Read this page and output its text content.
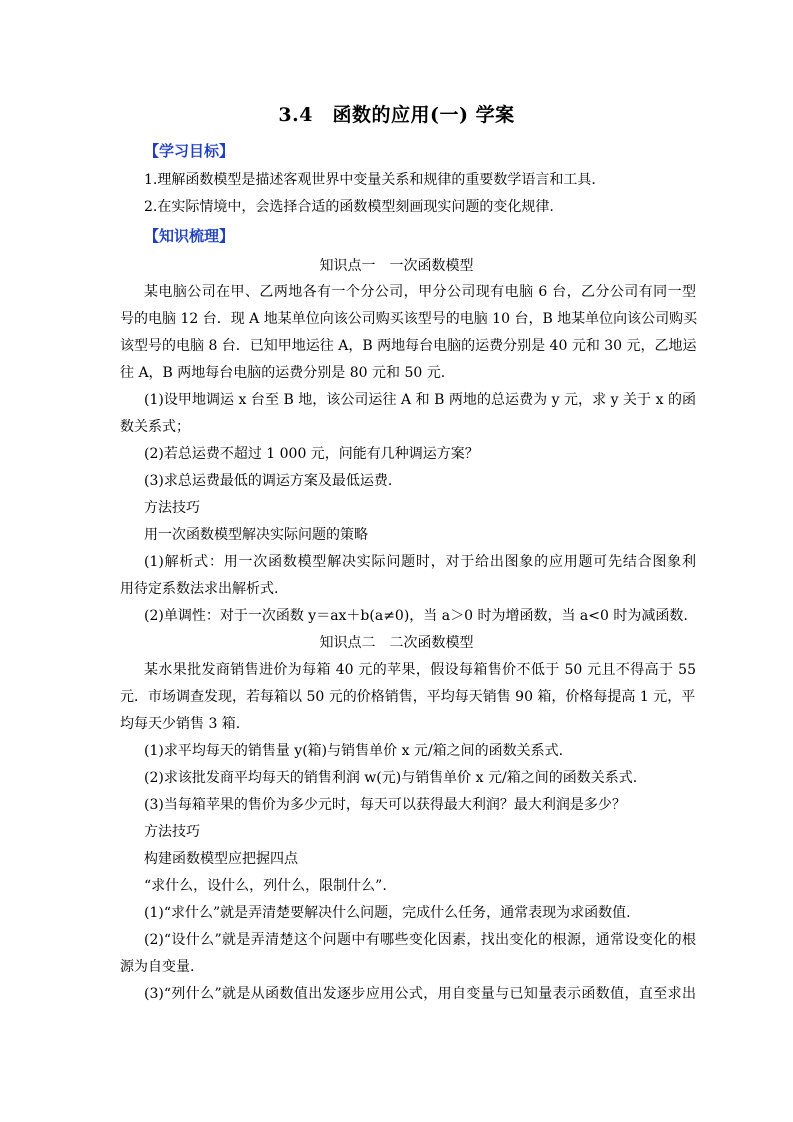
3.4　函数的应用(一) 学案
【学习目标】
1.理解函数模型是描述客观世界中变量关系和规律的重要数学语言和工具.
2.在实际情境中，会选择合适的函数模型刻画现实问题的变化规律.
【知识梳理】
知识点一　一次函数模型
某电脑公司在甲、乙两地各有一个分公司，甲分公司现有电脑 6 台，乙分公司有同一型
号的电脑 12 台．现 A 地某单位向该公司购买该型号的电脑 10 台，B 地某单位向该公司购买
该型号的电脑 8 台．已知甲地运往 A，B 两地每台电脑的运费分别是 40 元和 30 元，乙地运
往 A，B 两地每台电脑的运费分别是 80 元和 50 元.
(1)设甲地调运 x 台至 B 地，该公司运往 A 和 B 两地的总运费为 y 元，求 y 关于 x 的函
数关系式；
(2)若总运费不超过 1 000 元，问能有几种调运方案？
(3)求总运费最低的调运方案及最低运费.
方法技巧
用一次函数模型解决实际问题的策略
(1)解析式：用一次函数模型解决实际问题时，对于给出图象的应用题可先结合图象利
用待定系数法求出解析式.
(2)单调性：对于一次函数 y＝ax＋b(a≠0)，当 a＞0 时为增函数，当 a<0 时为减函数.
知识点二　二次函数模型
某水果批发商销售进价为每箱 40 元的苹果，假设每箱售价不低于 50 元且不得高于 55
元．市场调查发现，若每箱以 50 元的价格销售，平均每天销售 90 箱，价格每提高 1 元，平
均每天少销售 3 箱.
(1)求平均每天的销售量 y(箱)与销售单价 x 元/箱之间的函数关系式.
(2)求该批发商平均每天的销售利润 w(元)与销售单价 x 元/箱之间的函数关系式.
(3)当每箱苹果的售价为多少元时，每天可以获得最大利润？最大利润是多少？
方法技巧
构建函数模型应把握四点
“求什么，设什么，列什么，限制什么”.
(1)“求什么”就是弄清楚要解决什么问题，完成什么任务，通常表现为求函数值.
(2)“设什么”就是弄清楚这个问题中有哪些变化因素，找出变化的根源，通常设变化的根
源为自变量.
(3)“列什么”就是从函数值出发逐步应用公式，用自变量与已知量表示函数值，直至求出
